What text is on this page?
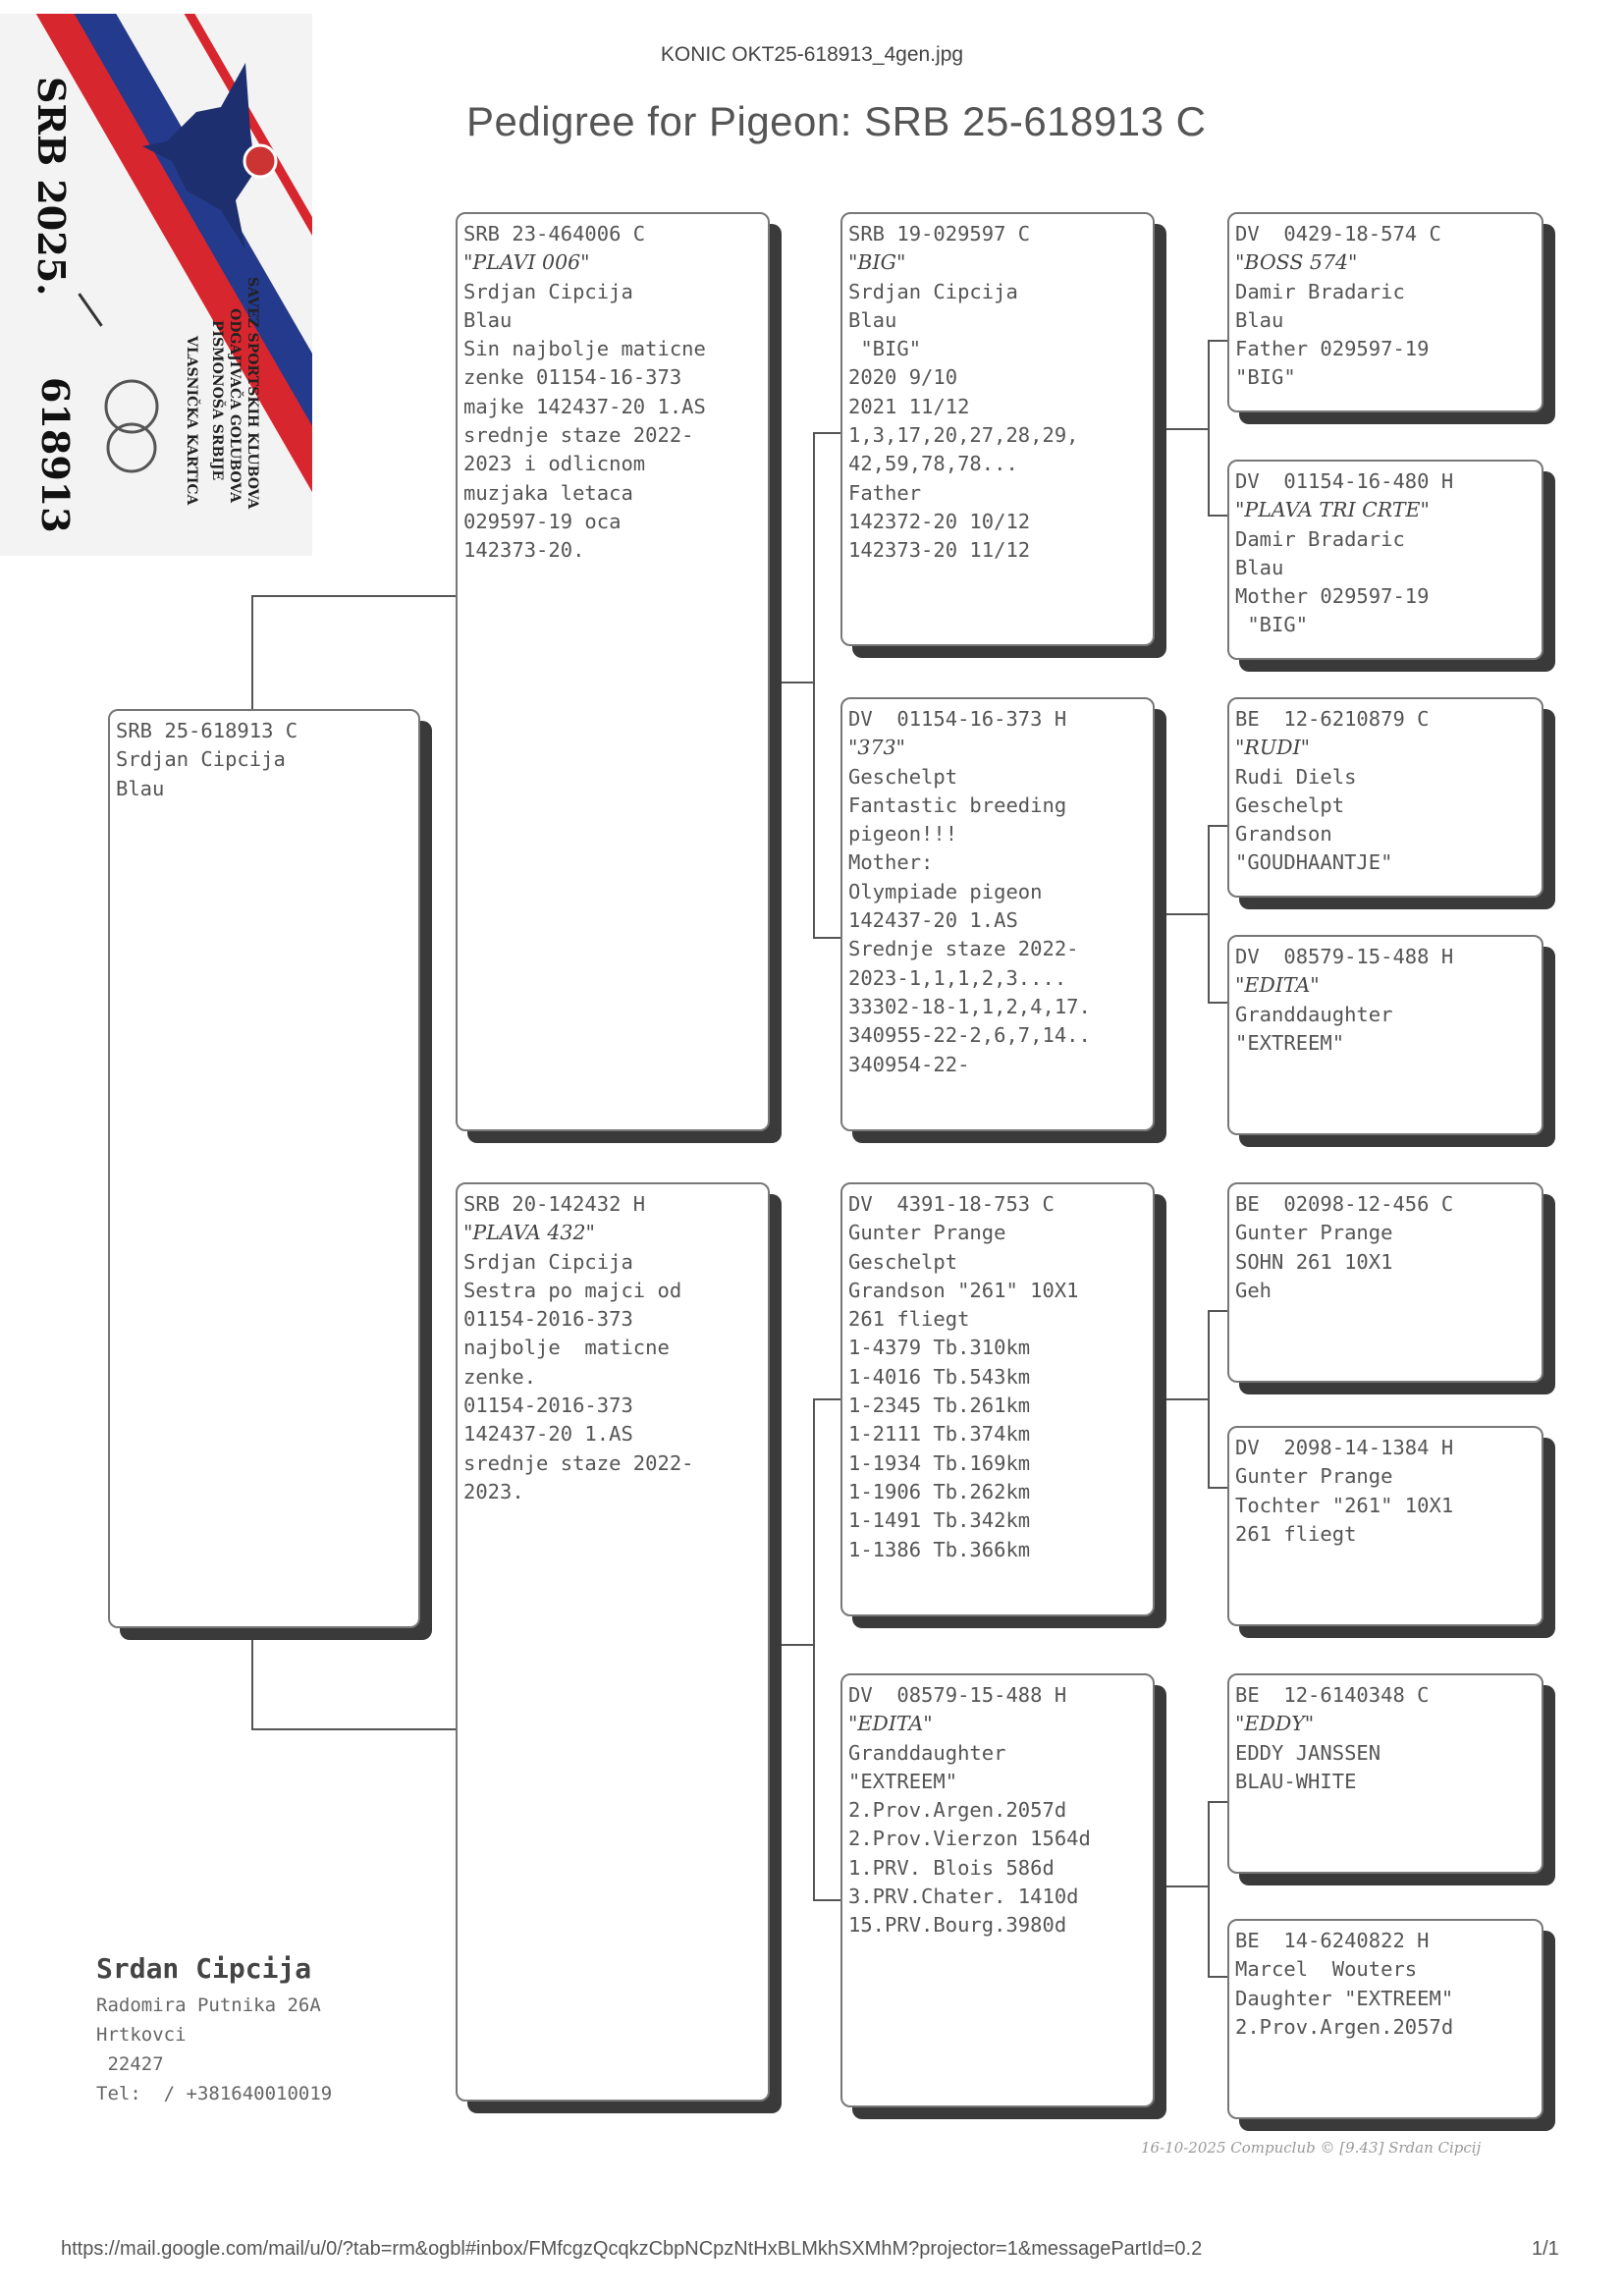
KONIC OKT25-618913_4gen.jpg
Pedigree for Pigeon: SRB 25-618913 C
SRB 2025.
618913	SAVEZ SPORTSKIH KLUBOVA
ODGAJIVAČA GOLUBOVA
PISMONOŠA SRBIJE
VLASNIČKA KARTICA
SRB 25-618913 C
Srdjan Cipcija
Blau
SRB 23-464006 C
"PLAVI 006"
Srdjan Cipcija
Blau
Sin najbolje maticne
zenke 01154-16-373
majke 142437-20 1.AS
srednje staze 2022-
2023 i odlicnom
muzjaka letaca
029597-19 oca
142373-20.
SRB 20-142432 H
"PLAVA 432"
Srdjan Cipcija
Sestra po majci od
01154-2016-373
najbolje  maticne
zenke.
01154-2016-373
142437-20 1.AS
srednje staze 2022-
2023.
SRB 19-029597 C
"BIG"
Srdjan Cipcija
Blau
"BIG"
2020 9/10
2021 11/12
1,3,17,20,27,28,29,
42,59,78,78...
Father
142372-20 10/12
142373-20 11/12
DV  01154-16-373 H
"373"
Geschelpt
Fantastic breeding
pigeon!!!
Mother:
Olympiade pigeon
142437-20 1.AS
Srednje staze 2022-
2023-1,1,1,2,3....
33302-18-1,1,2,4,17.
340955-22-2,6,7,14..
340954-22-
DV  4391-18-753 C
Gunter Prange
Geschelpt
Grandson "261" 10X1
261 fliegt
1-4379 Tb.310km
1-4016 Tb.543km
1-2345 Tb.261km
1-2111 Tb.374km
1-1934 Tb.169km
1-1906 Tb.262km
1-1491 Tb.342km
1-1386 Tb.366km
DV  08579-15-488 H
"EDITA"
Granddaughter
"EXTREEM"
2.Prov.Argen.2057d
2.Prov.Vierzon 1564d
1.PRV. Blois 586d
3.PRV.Chater. 1410d
15.PRV.Bourg.3980d
DV  0429-18-574 C
"BOSS 574"
Damir Bradaric
Blau
Father 029597-19
"BIG"
DV  01154-16-480 H
"PLAVA TRI CRTE"
Damir Bradaric
Blau
Mother 029597-19
"BIG"
BE  12-6210879 C
"RUDI"
Rudi Diels
Geschelpt
Grandson
"GOUDHAANTJE"
DV  08579-15-488 H
"EDITA"
Granddaughter
"EXTREEM"
BE  02098-12-456 C
Gunter Prange
SOHN 261 10X1
Geh
DV  2098-14-1384 H
Gunter Prange
Tochter "261" 10X1
261 fliegt
BE  12-6140348 C
"EDDY"
EDDY JANSSEN
BLAU-WHITE
BE  14-6240822 H
Marcel  Wouters
Daughter "EXTREEM"
2.Prov.Argen.2057d
Srdan Cipcija
Radomira Putnika 26A
Hrtkovci
22427
Tel:  / +381640010019
16-10-2025 Compuclub © [9.43] Srdan Cipcij
https://mail.google.com/mail/u/0/?tab=rm&ogbl#inbox/FMfcgzQcqkzCbpNCpzNtHxBLMkhSXMhM?projector=1&messagePartId=0.2	1/1
